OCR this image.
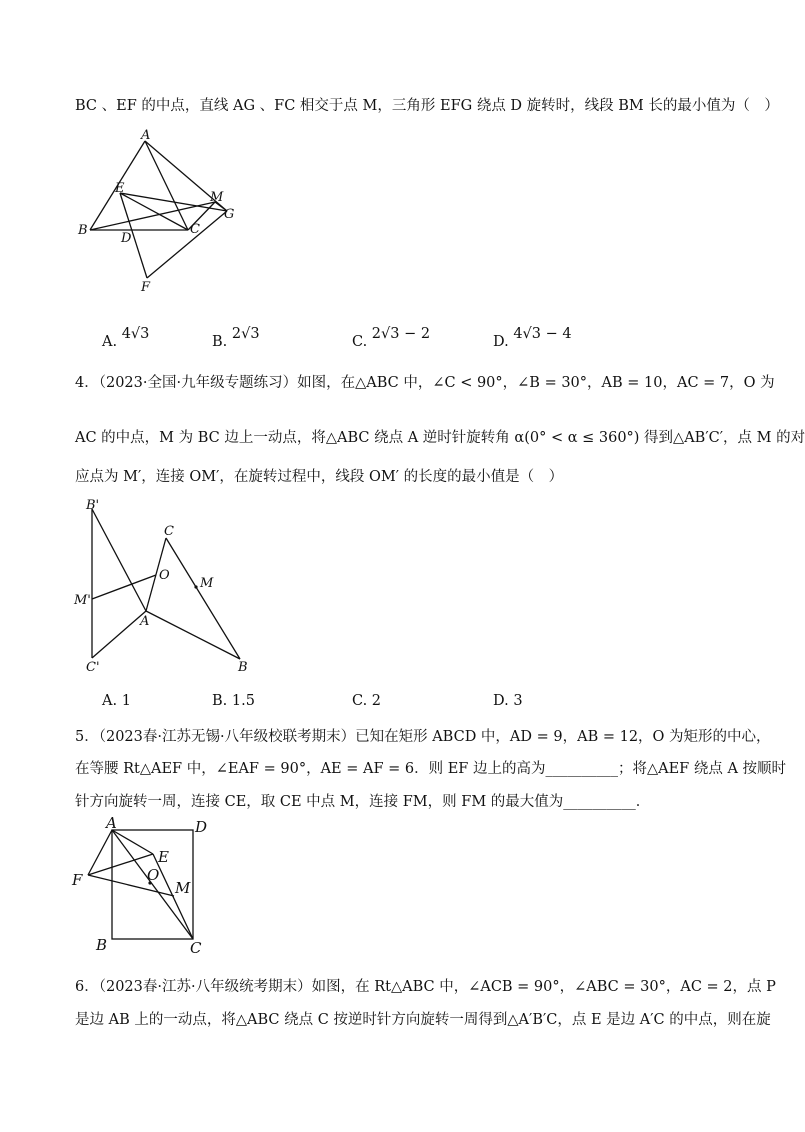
BC 、EF 的中点，直线 AG 、FC 相交于点 M，三角形 EFG 绕点 D 旋转时，线段 BM 长的最小值为（　）
A
B	C
D
E
F
G
M
A. 4√3	B. 2√3	C. 2√3 − 2	D. 4√3 − 4
4．（2023·全国·九年级专题练习）如图，在△ABC 中，∠C < 90°，∠B = 30°，AB = 10，AC = 7，O 为
AC 的中点，M 为 BC 边上一动点，将△ABC 绕点 A 逆时针旋转角 α(0° < α ≤ 360°) 得到△AB′C′，点 M 的对
应点为 M′，连接 OM′，在旋转过程中，线段 OM′ 的长度的最小值是（　）
B'
C'
M'
A
O
C
M
B
A. 1	B. 1.5	C. 2	D. 3
5．（2023春·江苏无锡·八年级校联考期末）已知在矩形 ABCD 中，AD = 9，AB = 12，O 为矩形的中心，
在等腰 Rt△AEF 中，∠EAF = 90°，AE = AF = 6．则 EF 边上的高为__________；将△AEF 绕点 A 按顺时
针方向旋转一周，连接 CE，取 CE 中点 M，连接 FM，则 FM 的最大值为__________．
A	D
E
F	O
M
B	C
6．（2023春·江苏·八年级统考期末）如图，在 Rt△ABC 中，∠ACB = 90°，∠ABC = 30°，AC = 2，点 P
是边 AB 上的一动点，将△ABC 绕点 C 按逆时针方向旋转一周得到△A′B′C，点 E 是边 A′C 的中点，则在旋
